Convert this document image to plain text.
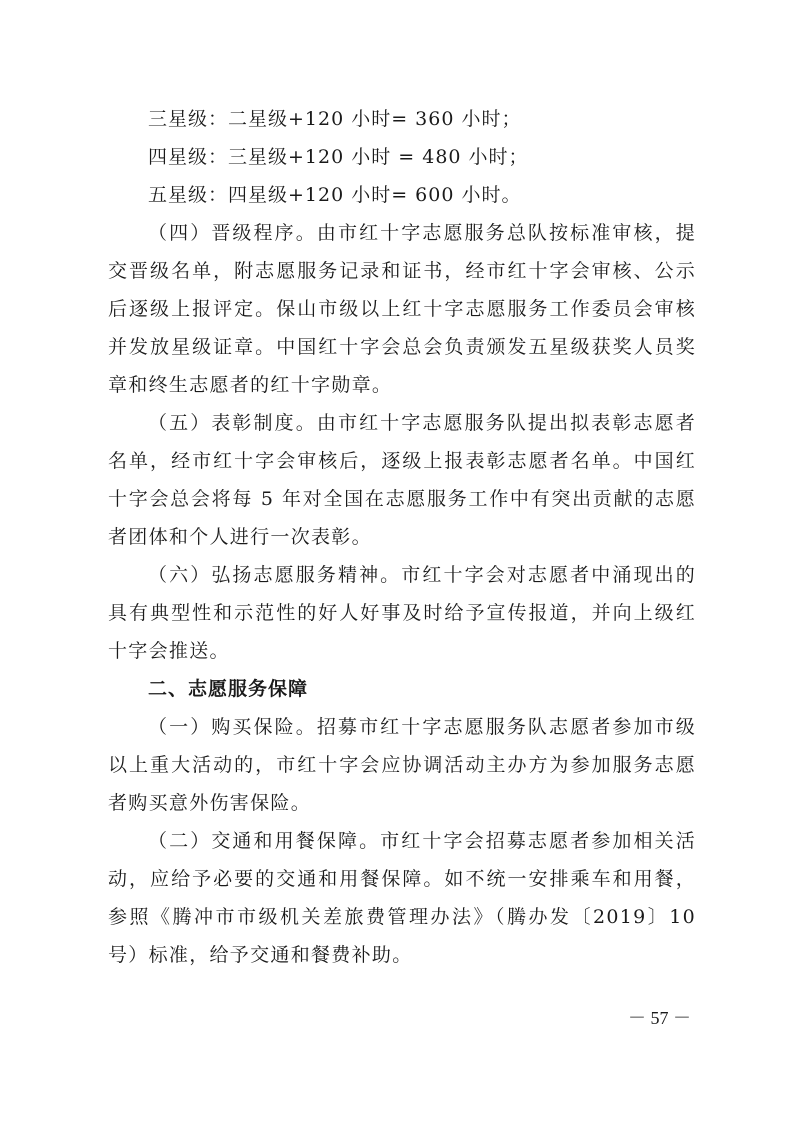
三星级：二星级+120 小时= 360 小时；
四星级：三星级+120 小时 = 480 小时；
五星级：四星级+120 小时= 600 小时。

（四）晋级程序。由市红十字志愿服务总队按标准审核，提交晋级名单，附志愿服务记录和证书，经市红十字会审核、公示后逐级上报评定。保山市级以上红十字志愿服务工作委员会审核并发放星级证章。中国红十字会总会负责颁发五星级获奖人员奖章和终生志愿者的红十字勋章。

（五）表彰制度。由市红十字志愿服务队提出拟表彰志愿者名单，经市红十字会审核后，逐级上报表彰志愿者名单。中国红十字会总会将每 5 年对全国在志愿服务工作中有突出贡献的志愿者团体和个人进行一次表彰。

（六）弘扬志愿服务精神。市红十字会对志愿者中涌现出的具有典型性和示范性的好人好事及时给予宣传报道，并向上级红十字会推送。

二、志愿服务保障

（一）购买保险。招募市红十字志愿服务队志愿者参加市级以上重大活动的，市红十字会应协调活动主办方为参加服务志愿者购买意外伤害保险。

（二）交通和用餐保障。市红十字会招募志愿者参加相关活动，应给予必要的交通和用餐保障。如不统一安排乘车和用餐，参照《腾冲市市级机关差旅费管理办法》（腾办发〔2019〕10 号）标准，给予交通和餐费补助。

－ 57 －
